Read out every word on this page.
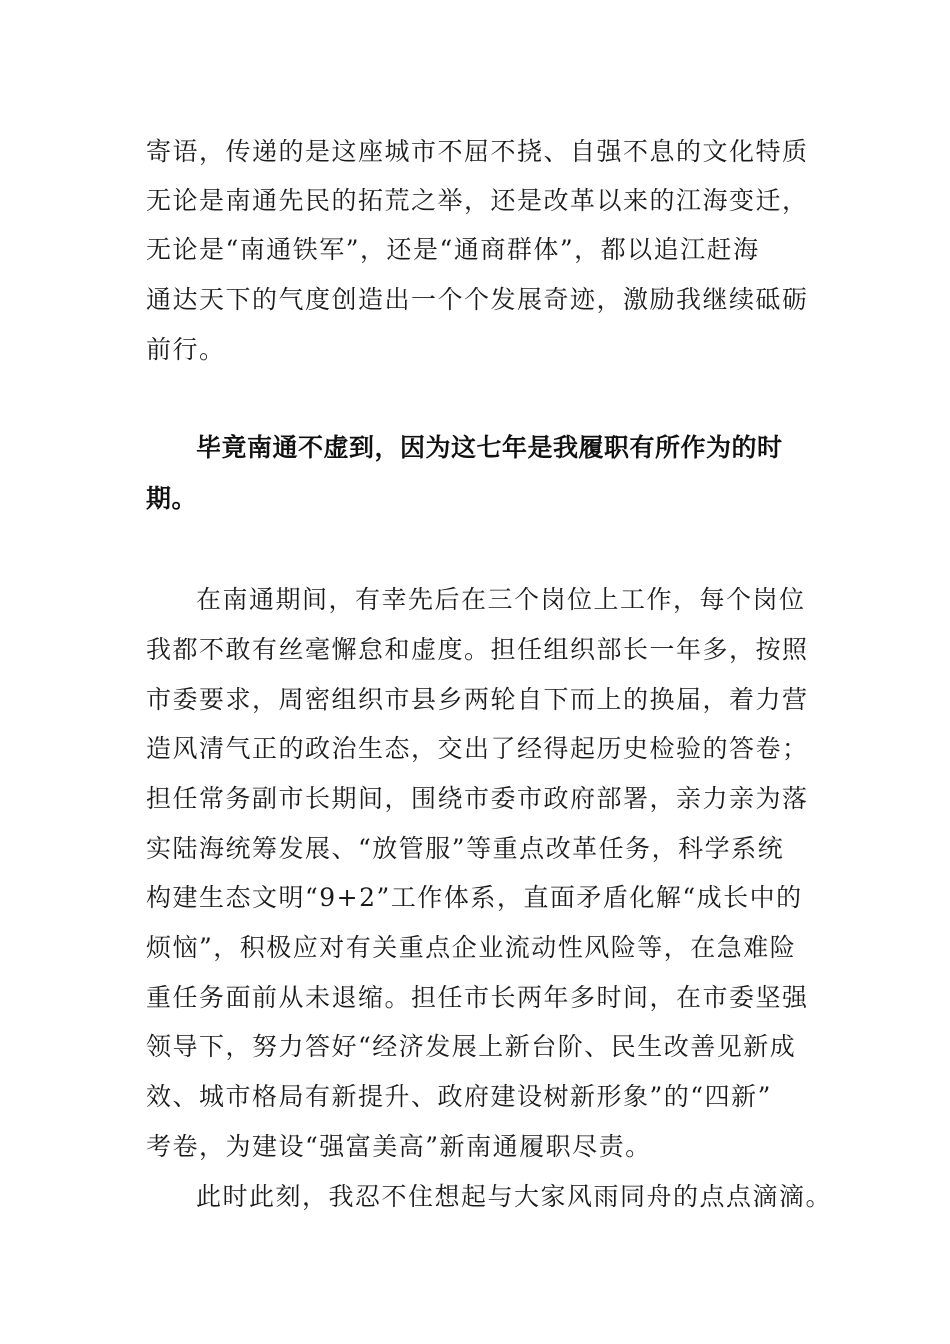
寄语，传递的是这座城市不屈不挠、自强不息的文化特质
无论是南通先民的拓荒之举，还是改革以来的江海变迁，
无论是“南通铁军”，还是“通商群体”，都以追江赶海
通达天下的气度创造出一个个发展奇迹，激励我继续砥砺
前行。
毕竟南通不虚到，因为这七年是我履职有所作为的时
期。
在南通期间，有幸先后在三个岗位上工作，每个岗位
我都不敢有丝毫懈怠和虚度。担任组织部长一年多，按照
市委要求，周密组织市县乡两轮自下而上的换届，着力营
造风清气正的政治生态，交出了经得起历史检验的答卷；
担任常务副市长期间，围绕市委市政府部署，亲力亲为落
实陆海统筹发展、“放管服”等重点改革任务，科学系统
构建生态文明“9+2”工作体系，直面矛盾化解“成长中的
烦恼”，积极应对有关重点企业流动性风险等，在急难险
重任务面前从未退缩。担任市长两年多时间，在市委坚强
领导下，努力答好“经济发展上新台阶、民生改善见新成
效、城市格局有新提升、政府建设树新形象”的“四新”
考卷，为建设“强富美高”新南通履职尽责。
此时此刻，我忍不住想起与大家风雨同舟的点点滴滴。
